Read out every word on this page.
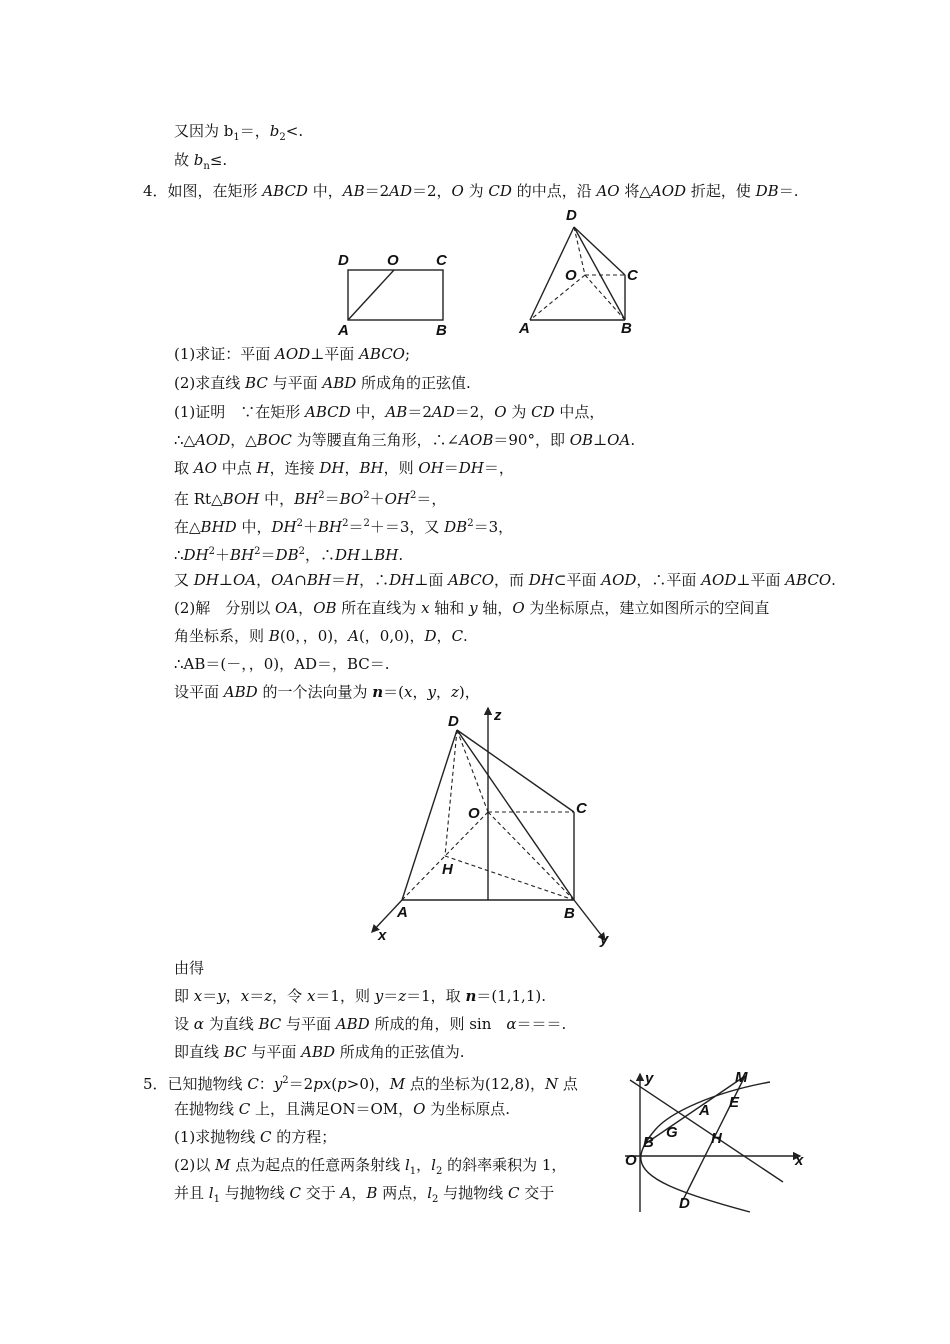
又因为 $b_1=$，$b_2<$.
故 $b_n\le$.
4．如图，在矩形 ABCD 中，AB＝2AD＝2，O 为 CD 的中点，沿 AO 将△AOD 折起，使 DB＝.
(1)求证：平面 AOD⊥平面 ABCO;
(2)求直线 BC 与平面 ABD 所成角的正弦值.
(1)证明　∵在矩形 ABCD 中，AB＝2AD＝2，O 为 CD 中点，
∴△AOD，△BOC 为等腰直角三角形，∴∠AOB＝90°，即 OB⊥OA.
取 AO 中点 H，连接 DH，BH，则 OH＝DH＝，
在 Rt△BOH 中，$BH^2=BO^2+OH^2=$，
在△BHD 中，$DH^2+BH^2=^2+=3$，又 $DB^2=3$，
$\therefore DH^2+BH^2=DB^2$，∴DH⊥BH.
又 DH⊥OA，OA∩BH＝H，∴DH⊥面 ABCO，而 DH⊂平面 AOD，∴平面 AOD⊥平面 ABCO.
(2)解　分别以 OA，OB 所在直线为 x 轴和 y 轴，O 为坐标原点，建立如图所示的空间直
角坐标系，则 B(0，，0)，A(，0,0)，D，C.
∴AB＝(－，，0)，AD＝，BC＝.
设平面 ABD 的一个法向量为 n＝(x，y，z)，
由得
即 x＝y，x＝z，令 x＝1，则 y＝z＝1，取 n＝(1,1,1).
设 α 为直线 BC 与平面 ABD 所成的角，则 sin　α＝＝＝.
即直线 BC 与平面 ABD 所成角的正弦值为.
5．已知抛物线 C：$y^2=2px(p>0)$，M 点的坐标为(12,8)，N 点
在抛物线 C 上，且满足ON＝OM，O 为坐标原点.
(1)求抛物线 C 的方程；
(2)以 M 点为起点的任意两条射线 $l_1$，$l_2$ 的斜率乘积为 1，
并且 $l_1$ 与抛物线 C 交于 A，B 两点，$l_2$ 与抛物线 C 交于
D	O C
A	B
D
O	C
A	B
D z
O	C
H
A	B
x	y
y	M
A E
G H
B
O	x
D
